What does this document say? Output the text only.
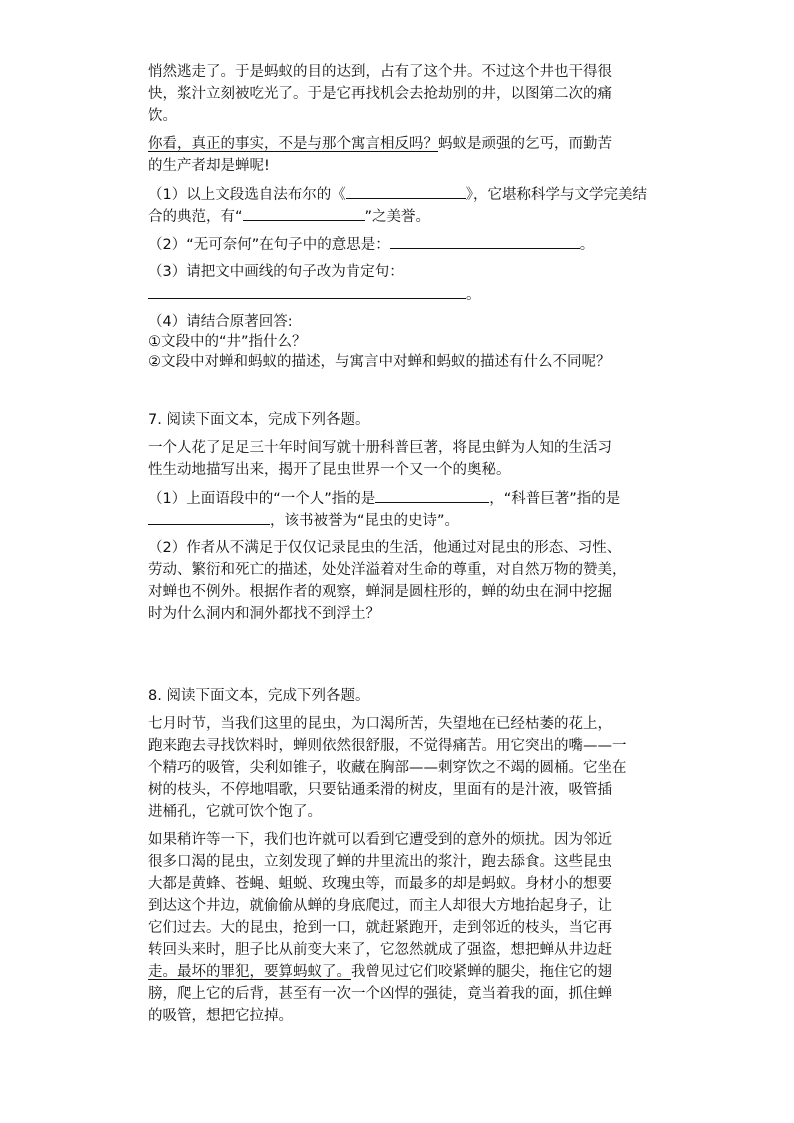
悄然逃走了。于是蚂蚁的目的达到，占有了这个井。不过这个井也干得很
快，浆汁立刻被吃光了。于是它再找机会去抢劫别的井，以图第二次的痛
饮。
你看，真正的事实，不是与那个寓言相反吗？蚂蚁是顽强的乞丐，而勤苦
的生产者却是蝉呢!
（1）以上文段选自法布尔的《	》，它堪称科学与文学完美结
合的典范，有“	”之美誉。
（2）“无可奈何”在句子中的意思是：	。
（3）请把文中画线的句子改为肯定句：
。
（4）请结合原著回答:
①文段中的“井”指什么？
②文段中对蝉和蚂蚁的描述，与寓言中对蝉和蚂蚁的描述有什么不同呢？
7. 阅读下面文本，完成下列各题。
一个人花了足足三十年时间写就十册科普巨著，将昆虫鲜为人知的生活习
性生动地描写出来，揭开了昆虫世界一个又一个的奥秘。
（1）上面语段中的“一个人”指的是	，“科普巨著”指的是
，该书被誉为“昆虫的史诗”。
（2）作者从不满足于仅仅记录昆虫的生活，他通过对昆虫的形态、习性、
劳动、繁衍和死亡的描述，处处洋溢着对生命的尊重，对自然万物的赞美，
对蝉也不例外。根据作者的观察，蝉洞是圆柱形的，蝉的幼虫在洞中挖掘
时为什么洞内和洞外都找不到浮土？
8. 阅读下面文本，完成下列各题。
七月时节，当我们这里的昆虫，为口渴所苦，失望地在已经枯萎的花上，
跑来跑去寻找饮料时，蝉则依然很舒服，不觉得痛苦。用它突出的嘴——一
个精巧的吸管，尖利如锥子，收藏在胸部——刺穿饮之不竭的圆桶。它坐在
树的枝头，不停地唱歌，只要钻通柔滑的树皮，里面有的是汁液，吸管插
进桶孔，它就可饮个饱了。
如果稍许等一下，我们也许就可以看到它遭受到的意外的烦扰。因为邻近
很多口渴的昆虫，立刻发现了蝉的井里流出的浆汁，跑去舔食。这些昆虫
大都是黄蜂、苍蝇、蛆蜕、玫瑰虫等，而最多的却是蚂蚁。身材小的想要
到达这个井边，就偷偷从蝉的身底爬过，而主人却很大方地抬起身子，让
它们过去。大的昆虫，抢到一口，就赶紧跑开，走到邻近的枝头，当它再
转回头来时，胆子比从前变大来了，它忽然就成了强盗，想把蝉从井边赶
走。最坏的罪犯，要算蚂蚁了。我曾见过它们咬紧蝉的腿尖，拖住它的翅
膀，爬上它的后背，甚至有一次一个凶悍的强徒，竟当着我的面，抓住蝉
的吸管，想把它拉掉。
